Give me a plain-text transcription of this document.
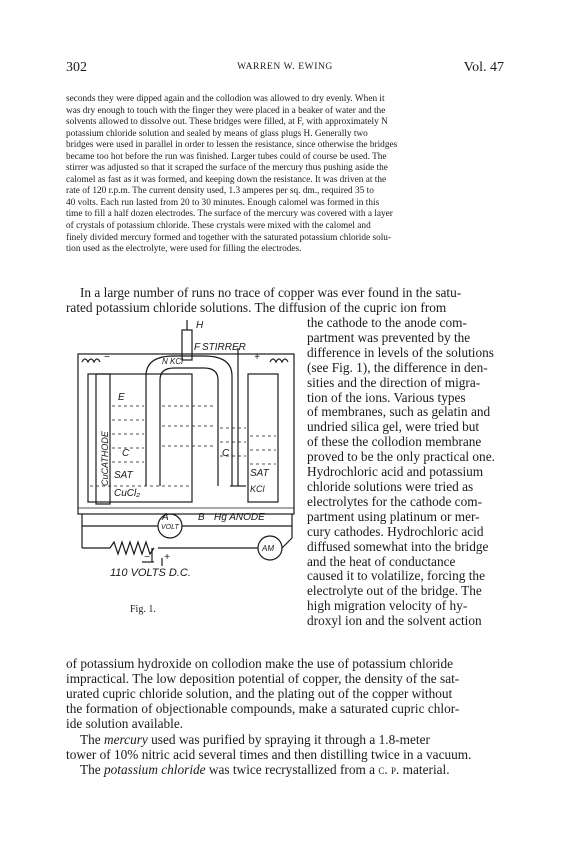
302	WARREN W. EWING	Vol. 47

seconds they were dipped again and the collodion was allowed to dry evenly. When it

was dry enough to touch with the finger they were placed in a beaker of water and the

solvents allowed to dissolve out. These bridges were filled, at F, with approximately N

potassium chloride solution and sealed by means of glass plugs H. Generally two

bridges were used in parallel in order to lessen the resistance, since otherwise the bridges

became too hot before the run was finished. Larger tubes could of course be used. The

stirrer was adjusted so that it scraped the surface of the mercury thus pushing aside the

calomel as fast as it was formed, and keeping down the resistance. It was driven at the

rate of 120 r.p.m. The current density used, 1.3 amperes per sq. dm., required 35 to

40 volts. Each run lasted from 20 to 30 minutes. Enough calomel was formed in this

time to fill a half dozen electrodes. The surface of the mercury was covered with a layer

of crystals of potassium chloride. These crystals were mixed with the calomel and

finely divided mercury formed and together with the saturated potassium chloride solu-

tion used as the electrolyte, were used for filling the electrodes.

In a large number of runs no trace of copper was ever found in the satu-

rated potassium chloride solutions. The diffusion of the cupric ion from

the cathode to the anode com-

partment was prevented by the

difference in levels of the solutions

(see Fig. 1), the difference in den-

sities and the direction of migra-

tion of the ions. Various types

of membranes, such as gelatin and

undried silica gel, were tried but

of these the collodion membrane

proved to be the only practical one.

Hydrochloric acid and potassium

chloride solutions were tried as

electrolytes for the cathode com-

partment using platinum or mer-

cury cathodes. Hydrochloric acid

diffused somewhat into the bridge

and the heat of conductance

caused it to volatilize, forcing the

electrolyte out of the bridge. The

high migration velocity of hy-

droxyl ion and the solvent action

of potassium hydroxide on collodion make the use of potassium chloride

impractical. The low deposition potential of copper, the density of the sat-

urated cupric chloride solution, and the plating out of the copper without

the formation of objectionable compounds, make a saturated cupric chlor-

ide solution available.

The mercury used was purified by spraying it through a 1.8-meter

tower of 10% nitric acid several times and then distilling twice in a vacuum.

The potassium chloride was twice recrystallized from a c. p. material.

H
F STIRRER
N KCl
E
CuCATHODE C	C
SAT
CuCl₂
SAT
KCl
A	B Hg ANODE
VOLT
AM
+
−
− +
110 VOLTS D.C.
Fig. 1.
